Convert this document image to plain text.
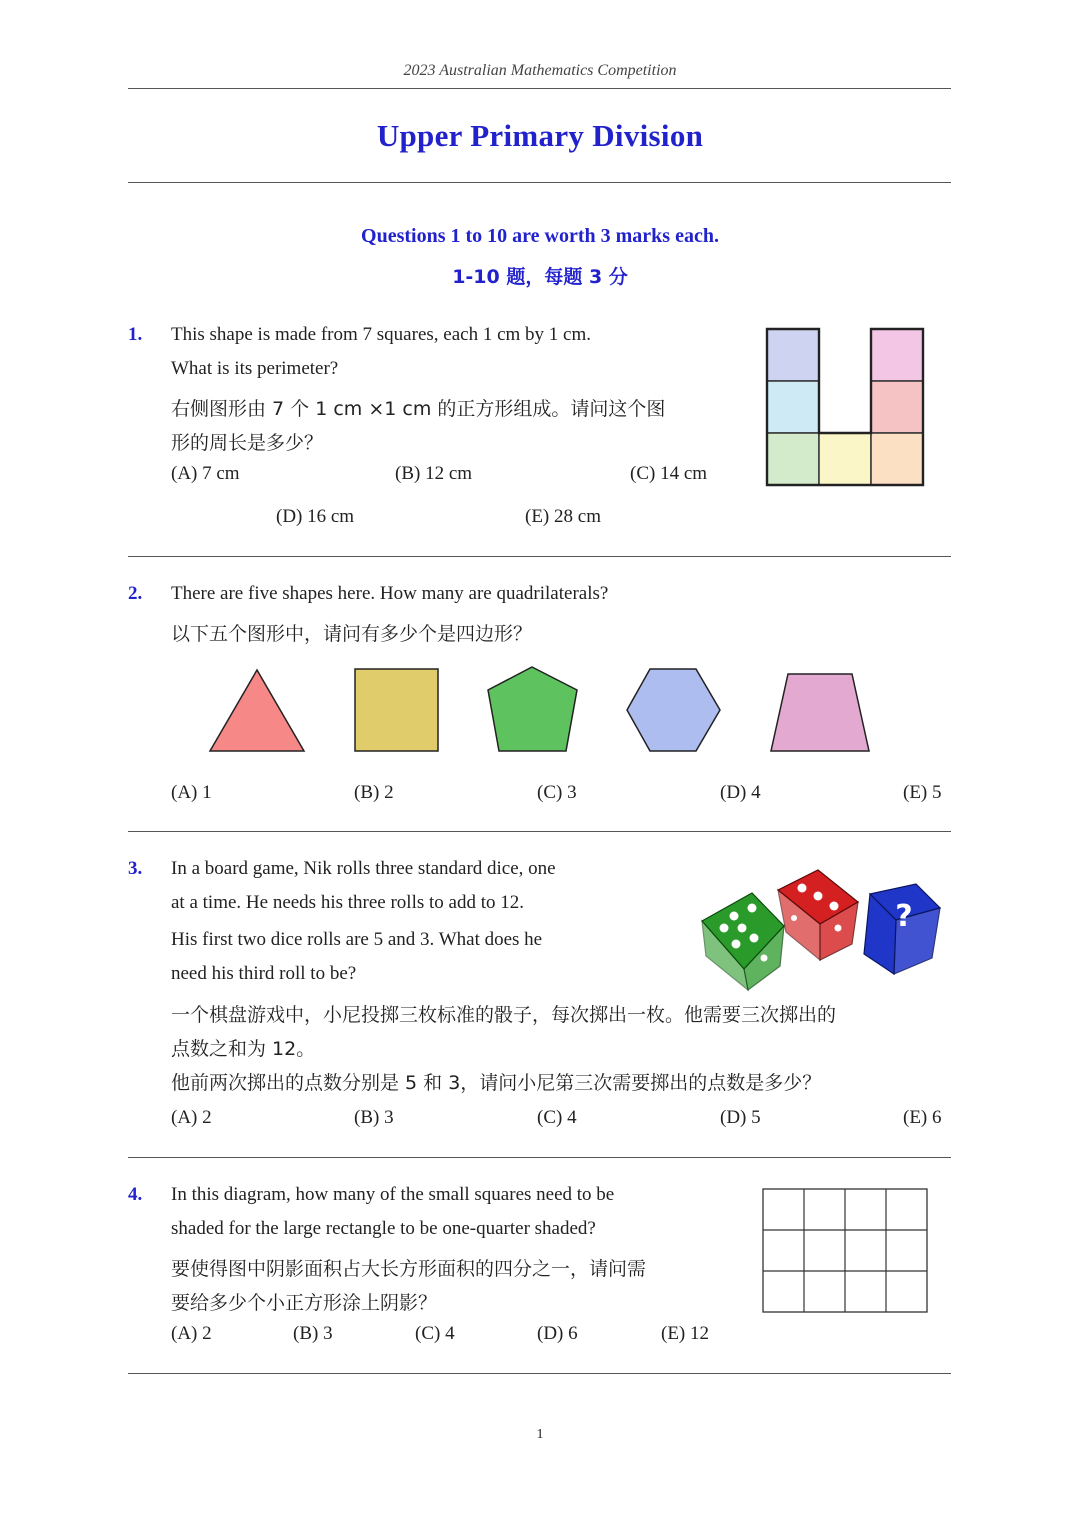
2023 Australian Mathematics Competition
Upper Primary Division
Questions 1 to 10 are worth 3 marks each.
1-10 题，每题 3 分
1. This shape is made from 7 squares, each 1 cm by 1 cm.
What is its perimeter?
右侧图形由 7 个 1 cm ×1 cm 的正方形组成。请问这个图
形的周长是多少？
(A) 7 cm	(B) 12 cm	(C) 14 cm
(D) 16 cm	(E) 28 cm
2. There are five shapes here. How many are quadrilaterals?
以下五个图形中，请问有多少个是四边形？
(A) 1	(B) 2	(C) 3	(D) 4	(E) 5
3. In a board game, Nik rolls three standard dice, one
at a time. He needs his three rolls to add to 12.
His first two dice rolls are 5 and 3. What does he
need his third roll to be?
一个棋盘游戏中，小尼投掷三枚标准的骰子，每次掷出一枚。他需要三次掷出的
点数之和为 12。
他前两次掷出的点数分别是 5 和 3，请问小尼第三次需要掷出的点数是多少？
?
(A) 2	(B) 3	(C) 4	(D) 5	(E) 6
4. In this diagram, how many of the small squares need to be
shaded for the large rectangle to be one-quarter shaded?
要使得图中阴影面积占大长方形面积的四分之一，请问需
要给多少个小正方形涂上阴影？
(A) 2	(B) 3	(C) 4	(D) 6	(E) 12
1
